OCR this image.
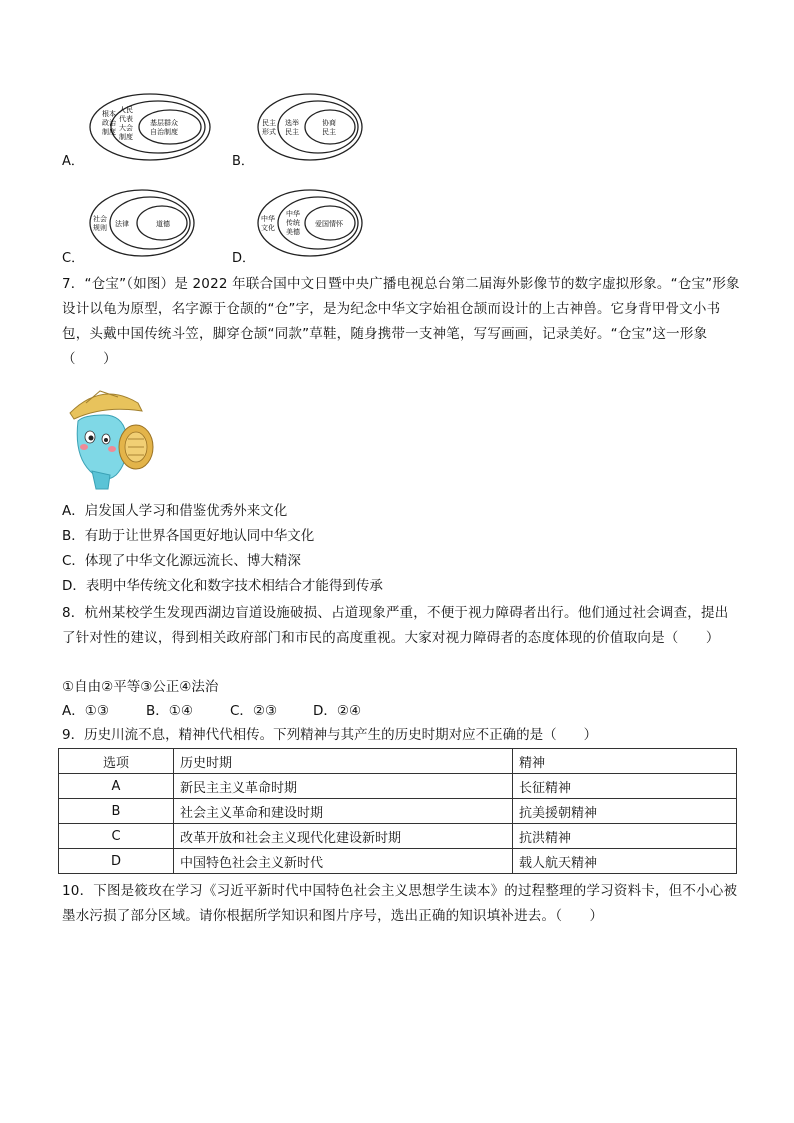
A．
根本
政治
制度
人民
代表
大会
制度
基层群众
自治制度
B．
民主
形式
选举
民主
协商
民主
C．
社会
规则 法律	道德
D．
中华
文化
中华
传统
美德
爱国情怀
7．“仓宝”（如图）是 2022 年联合国中文日暨中央广播电视总台第二届海外影像节的数字虚拟形象。“仓宝”形象设计以龟为原型，名字源于仓颉的“仓”字，是为纪念中华文字始祖仓颉而设计的上古神兽。它身背甲骨文小书包，头戴中国传统斗笠，脚穿仓颉“同款”草鞋，随身携带一支神笔，写写画画，记录美好。“仓宝”这一形象（　　）
A．启发国人学习和借鉴优秀外来文化
B．有助于让世界各国更好地认同中华文化
C．体现了中华文化源远流长、博大精深
D．表明中华传统文化和数字技术相结合才能得到传承
8．杭州某校学生发现西湖边盲道设施破损、占道现象严重，不便于视力障碍者出行。他们通过社会调查，提出了针对性的建议，得到相关政府部门和市民的高度重视。大家对视力障碍者的态度体现的价值取向是（　　）
①自由②平等③公正④法治
A．①③	B．①④	C．②③	D．②④
9．历史川流不息，精神代代相传。下列精神与其产生的历史时期对应不正确的是（　　）
选项	历史时期	精神
A	新民主主义革命时期	长征精神
B	社会主义革命和建设时期	抗美援朝精神
C	改革开放和社会主义现代化建设新时期	抗洪精神
D	中国特色社会主义新时代	载人航天精神
10．下图是筱玫在学习《习近平新时代中国特色社会主义思想学生读本》的过程整理的学习资料卡，但不小心被墨水污损了部分区域。请你根据所学知识和图片序号，选出正确的知识填补进去。（　　）
